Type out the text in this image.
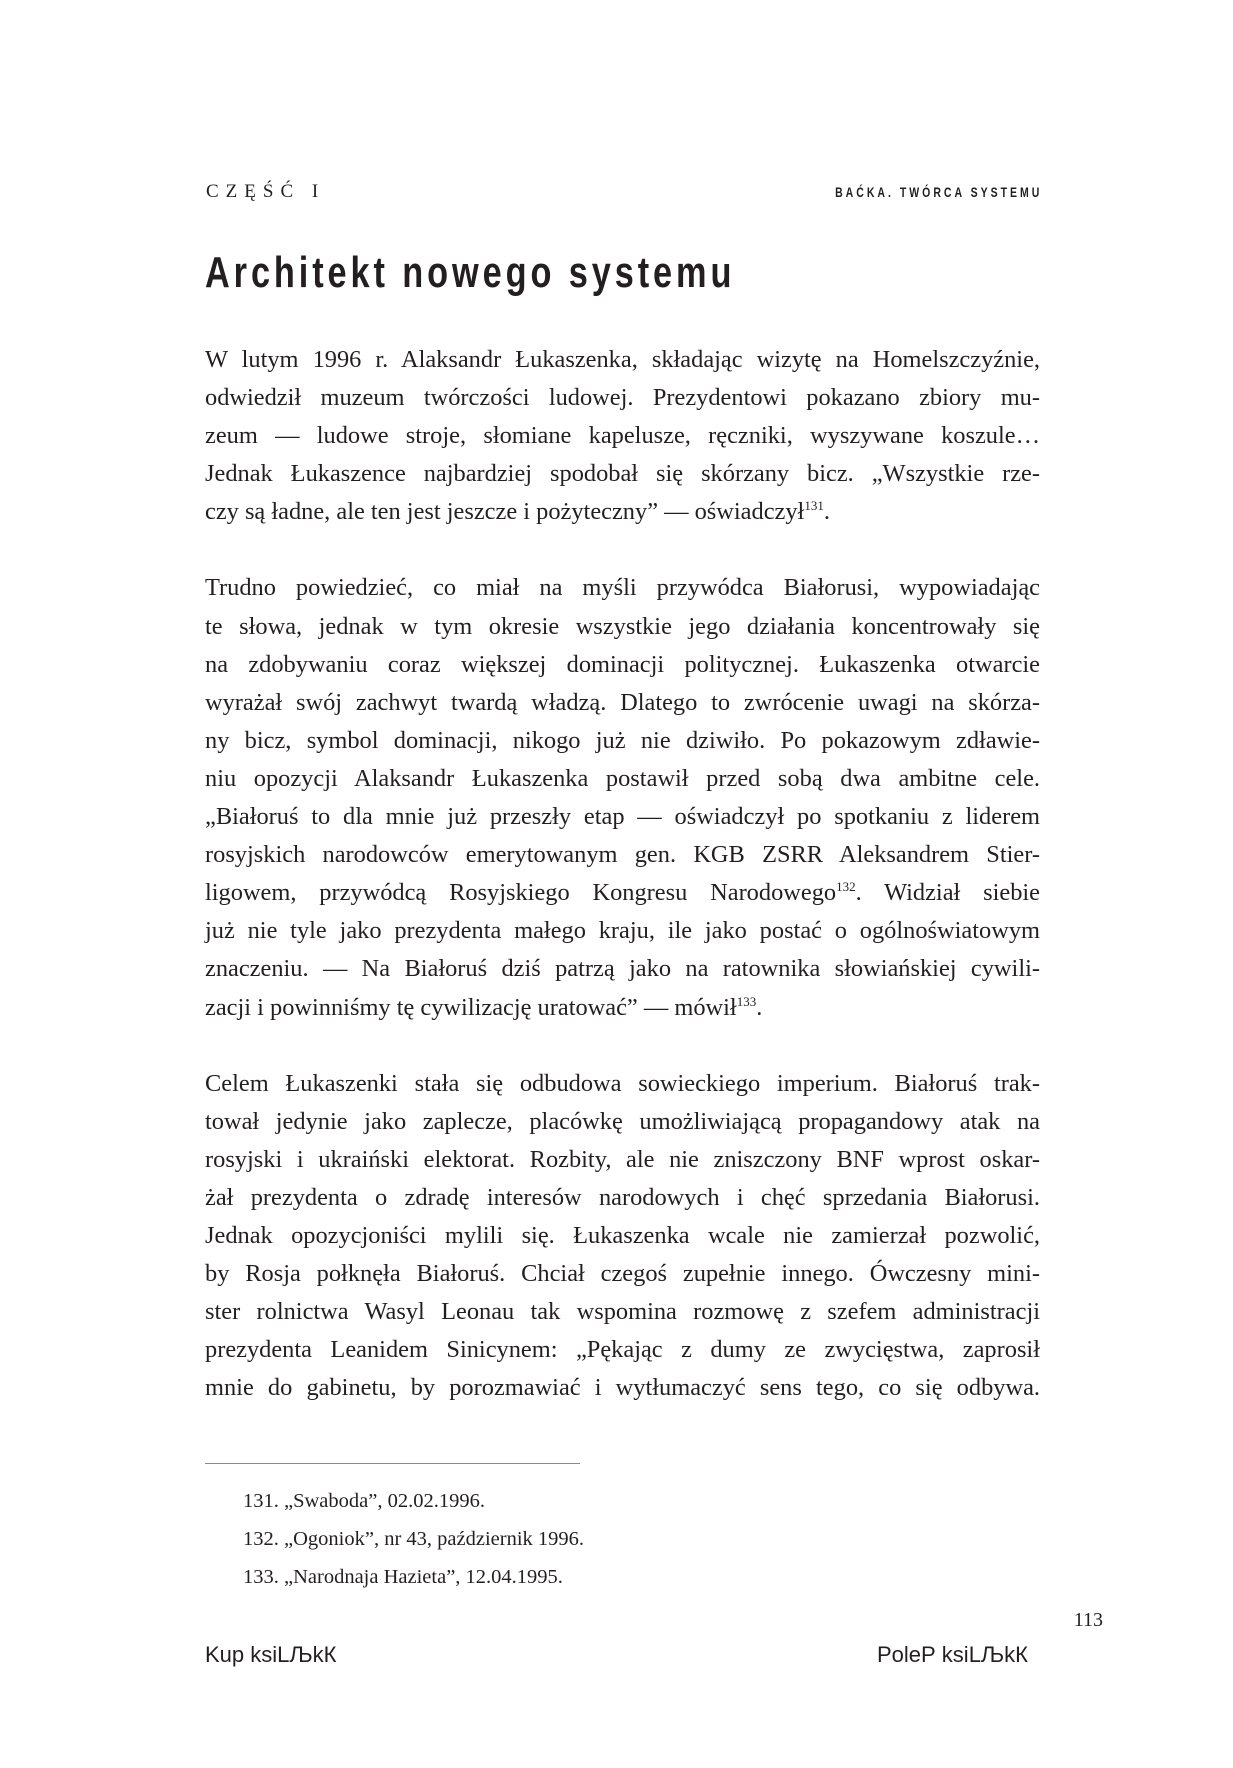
CZĘŚĆ I	BAĆKA. TWÓRCA SYSTEMU
Architekt nowego systemu

W lutym 1996 r. Alaksandr Łukaszenka, składając wizytę na Homelszczyźnie,
odwiedził muzeum twórczości ludowej. Prezydentowi pokazano zbiory mu-
zeum — ludowe stroje, słomiane kapelusze, ręczniki, wyszywane koszule…
Jednak Łukaszence najbardziej spodobał się skórzany bicz. „Wszystkie rze-
czy są ładne, ale ten jest jeszcze i pożyteczny” — oświadczył$^{131}$.

Trudno powiedzieć, co miał na myśli przywódca Białorusi, wypowiadając
te słowa, jednak w tym okresie wszystkie jego działania koncentrowały się
na zdobywaniu coraz większej dominacji politycznej. Łukaszenka otwarcie
wyrażał swój zachwyt twardą władzą. Dlatego to zwrócenie uwagi na skórza-
ny bicz, symbol dominacji, nikogo już nie dziwiło. Po pokazowym zdławie-
niu opozycji Alaksandr Łukaszenka postawił przed sobą dwa ambitne cele.
„Białoruś to dla mnie już przeszły etap — oświadczył po spotkaniu z liderem
rosyjskich narodowców emerytowanym gen. KGB ZSRR Aleksandrem Stier-
ligowem, przywódcą Rosyjskiego Kongresu Narodowego$^{132}$. Widział siebie
już nie tyle jako prezydenta małego kraju, ile jako postać o ogólnoświatowym
znaczeniu. — Na Białoruś dziś patrzą jako na ratownika słowiańskiej cywili-
zacji i powinniśmy tę cywilizację uratować” — mówił$^{133}$.

Celem Łukaszenki stała się odbudowa sowieckiego imperium. Białoruś trak-
tował jedynie jako zaplecze, placówkę umożliwiającą propagandowy atak na
rosyjski i ukraiński elektorat. Rozbity, ale nie zniszczony BNF wprost oskar-
żał prezydenta o zdradę interesów narodowych i chęć sprzedania Białorusi.
Jednak opozycjoniści mylili się. Łukaszenka wcale nie zamierzał pozwolić,
by Rosja połknęła Białoruś. Chciał czegoś zupełnie innego. Ówczesny mini-
ster rolnictwa Wasyl Leonau tak wspomina rozmowę z szefem administracji
prezydenta Leanidem Sinicynem: „Pękając z dumy ze zwycięstwa, zaprosił
mnie do gabinetu, by porozmawiać i wytłumaczyć sens tego, co się odbywa.

131. „Swaboda”, 02.02.1996.
132. „Ogoniok”, nr 43, październik 1996.
133. „Narodnaja Hazieta”, 12.04.1995.
113
Kup ksiLЉkК	PoleР ksiLЉkК
